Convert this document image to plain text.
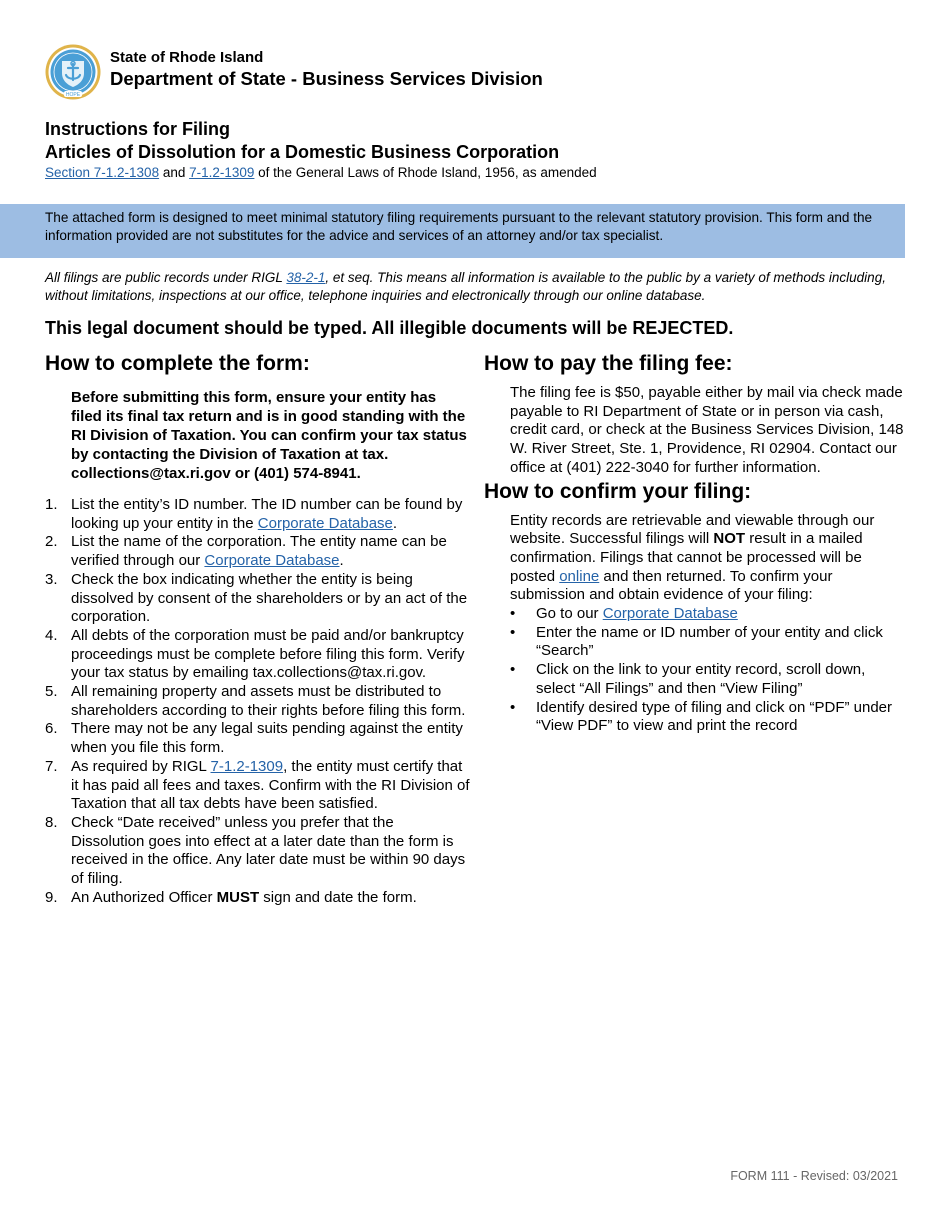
HOPE
State of Rhode Island
Department of State - Business Services Division
Instructions for Filing
Articles of Dissolution for a Domestic Business Corporation
Section 7-1.2-1308 and 7-1.2-1309 of the General Laws of Rhode Island, 1956, as amended
The attached form is designed to meet minimal statutory filing requirements pursuant to the relevant statutory provision. This form and the information provided are not substitutes for the advice and services of an attorney and/or tax specialist.
All filings are public records under RIGL 38-2-1, et seq. This means all information is available to the public by a variety of methods including, without limitations, inspections at our office, telephone inquiries and electronically through our online database.
This legal document should be typed. All illegible documents will be REJECTED.
How to complete the form:
Before submitting this form, ensure your entity has filed its final tax return and is in good standing with the RI Division of Taxation. You can confirm your tax status by contacting the Division of Taxation at tax. collections@tax.ri.gov or (401) 574-8941.
1. List the entity’s ID number. The ID number can be found by looking up your entity in the Corporate Database.
2. List the name of the corporation. The entity name can be verified through our Corporate Database.
3. Check the box indicating whether the entity is being dissolved by consent of the shareholders or by an act of the corporation.
4. All debts of the corporation must be paid and/or bankruptcy proceedings must be complete before filing this form. Verify your tax status by emailing tax.collections@tax.ri.gov.
5. All remaining property and assets must be distributed to shareholders according to their rights before filing this form.
6. There may not be any legal suits pending against the entity when you file this form.
7. As required by RIGL 7-1.2-1309, the entity must certify that it has paid all fees and taxes. Confirm with the RI Division of Taxation that all tax debts have been satisfied.
8. Check “Date received” unless you prefer that the Dissolution goes into effect at a later date than the form is received in the office. Any later date must be within 90 days of filing.
9. An Authorized Officer MUST sign and date the form.
How to pay the filing fee:
The filing fee is $50, payable either by mail via check made payable to RI Department of State or in person via cash, credit card, or check at the Business Services Division, 148 W. River Street, Ste. 1, Providence, RI 02904. Contact our office at (401) 222-3040 for further information.
How to confirm your filing:
Entity records are retrievable and viewable through our website. Successful filings will NOT result in a mailed confirmation. Filings that cannot be processed will be posted online and then returned. To confirm your submission and obtain evidence of your filing:
•	Go to our Corporate Database
•	Enter the name or ID number of your entity and click “Search”
•	Click on the link to your entity record, scroll down, select “All Filings” and then “View Filing”
•	Identify desired type of filing and click on “PDF” under “View PDF” to view and print the record
FORM 111 - Revised: 03/2021
